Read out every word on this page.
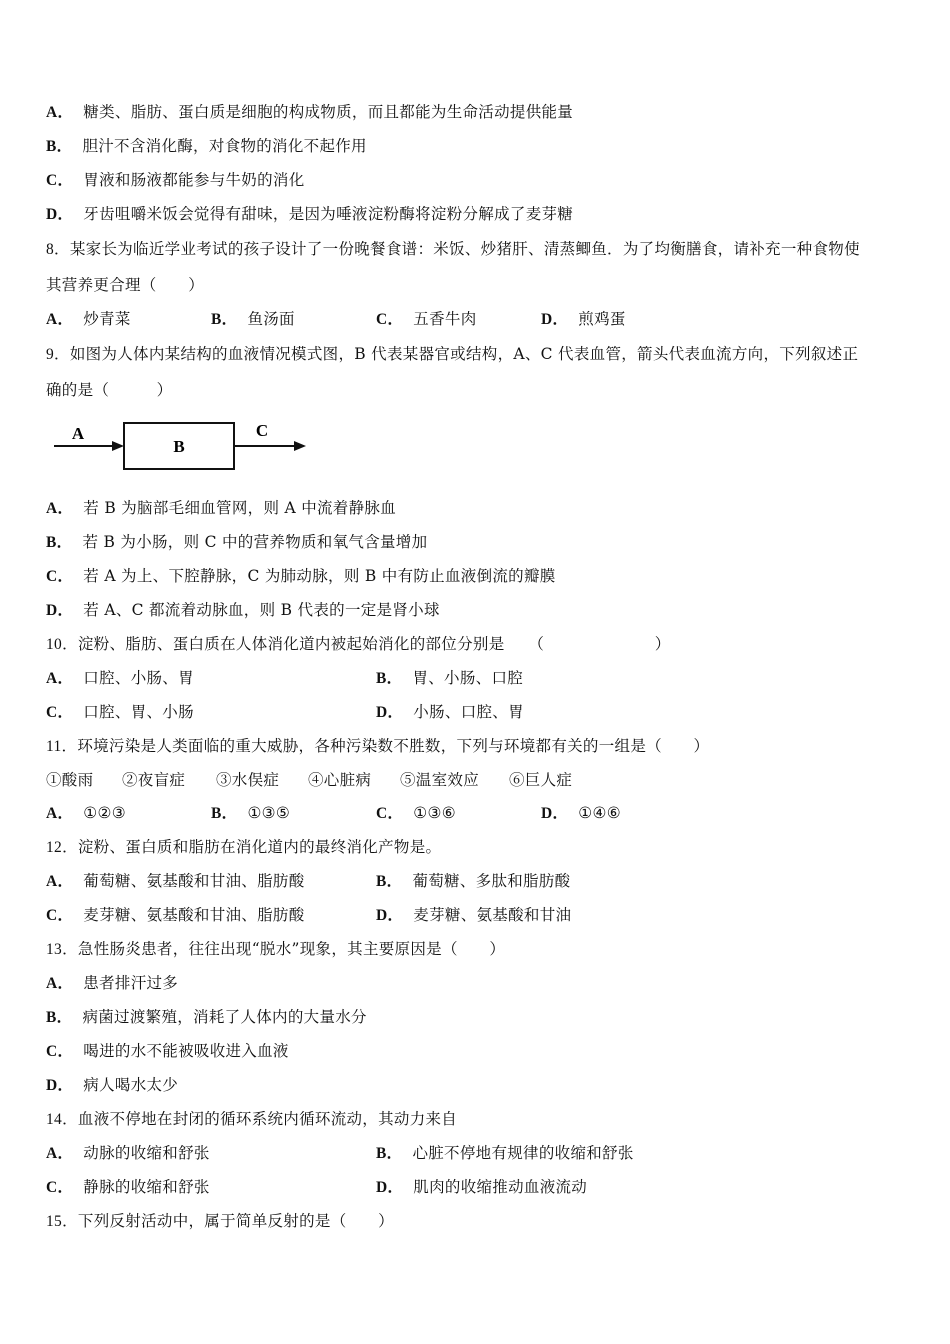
A． 糖类、脂肪、蛋白质是细胞的构成物质，而且都能为生命活动提供能量
B． 胆汁不含消化酶，对食物的消化不起作用
C． 胃液和肠液都能参与牛奶的消化
D． 牙齿咀嚼米饭会觉得有甜味，是因为唾液淀粉酶将淀粉分解成了麦芽糖
8．某家长为临近学业考试的孩子设计了一份晚餐食谱：米饭、炒猪肝、清蒸鲫鱼．为了均衡膳食，请补充一种食物使
其营养更合理（　　）
A． 炒青菜	B． 鱼汤面	C． 五香牛肉	D． 煎鸡蛋
9．如图为人体内某结构的血液情况模式图，B 代表某器官或结构，A、C 代表血管，箭头代表血流方向，下列叙述正
确的是（　　　）
A
B
C
A． 若 B 为脑部毛细血管网，则 A 中流着静脉血
B． 若 B 为小肠，则 C 中的营养物质和氧气含量增加
C． 若 A 为上、下腔静脉，C 为肺动脉，则 B 中有防止血液倒流的瓣膜
D． 若 A、C 都流着动脉血，则 B 代表的一定是肾小球
10．淀粉、脂肪、蛋白质在人体消化道内被起始消化的部位分别是　　（　　　　　　　）
A． 口腔、小肠、胃	B． 胃、小肠、口腔
C． 口腔、胃、小肠	D． 小肠、口腔、胃
11．环境污染是人类面临的重大威胁，各种污染数不胜数，下列与环境都有关的一组是（　　）
①酸雨 ②夜盲症 ③水俣症 ④心脏病 ⑤温室效应 ⑥巨人症
A． ①②③	B． ①③⑤	C． ①③⑥	D． ①④⑥
12．淀粉、蛋白质和脂肪在消化道内的最终消化产物是。
A． 葡萄糖、氨基酸和甘油、脂肪酸	B． 葡萄糖、多肽和脂肪酸
C． 麦芽糖、氨基酸和甘油、脂肪酸	D． 麦芽糖、氨基酸和甘油
13．急性肠炎患者，往往出现“脱水”现象，其主要原因是（　　）
A． 患者排汗过多
B． 病菌过渡繁殖，消耗了人体内的大量水分
C． 喝进的水不能被吸收进入血液
D． 病人喝水太少
14．血液不停地在封闭的循环系统内循环流动，其动力来自
A． 动脉的收缩和舒张	B． 心脏不停地有规律的收缩和舒张
C． 静脉的收缩和舒张	D． 肌肉的收缩推动血液流动
15．下列反射活动中，属于简单反射的是（　　）
